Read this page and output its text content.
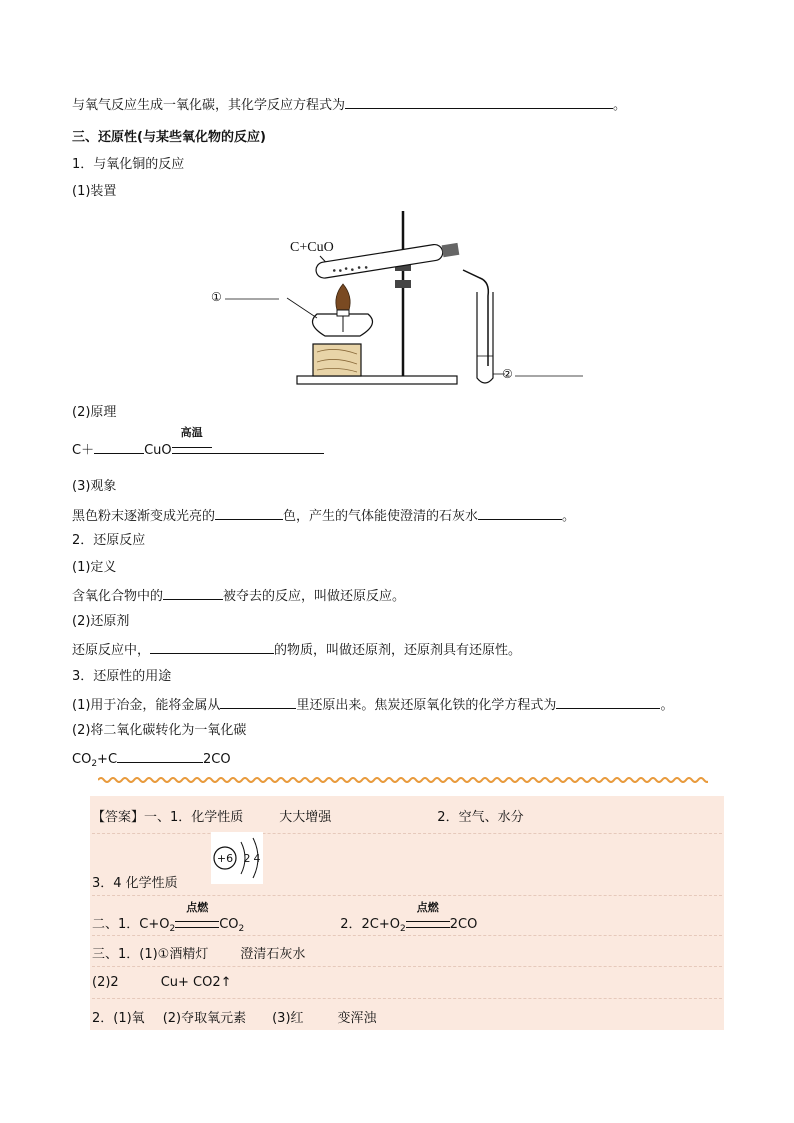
与氧气反应生成一氧化碳，其化学反应方程式为	。
三、还原性(与某些氧化物的反应)
1．与氧化铜的反应
(1)装置
C+CuO
②
①
(2)原理
C＋	CuO
高温
(3)观象
黑色粉末逐渐变成光亮的	色，产生的气体能使澄清的石灰水	。
2．还原反应
(1)定义
含氧化合物中的	被夺去的反应，叫做还原反应。
(2)还原剂
还原反应中，	的物质，叫做还原剂，还原剂具有还原性。
3．还原性的用途
(1)用于冶金，能将金属从	里还原出来。焦炭还原氧化铁的化学方程式为	。
(2)将二氧化碳转化为一氧化碳
$CO_2+C$	2CO
【答案】一、1．化学性质	大大增强	2．空气、水分
+6 2 4
3．4 化学性质
二、1．$C+O_2$
点燃
$CO_2$	2．$2C+O_2$
点燃
2CO
三、1．(1)①酒精灯 澄清石灰水
(2)2	Cu+ CO2↑
2．(1)氧 (2)夺取氧元素 (3)红	变浑浊
